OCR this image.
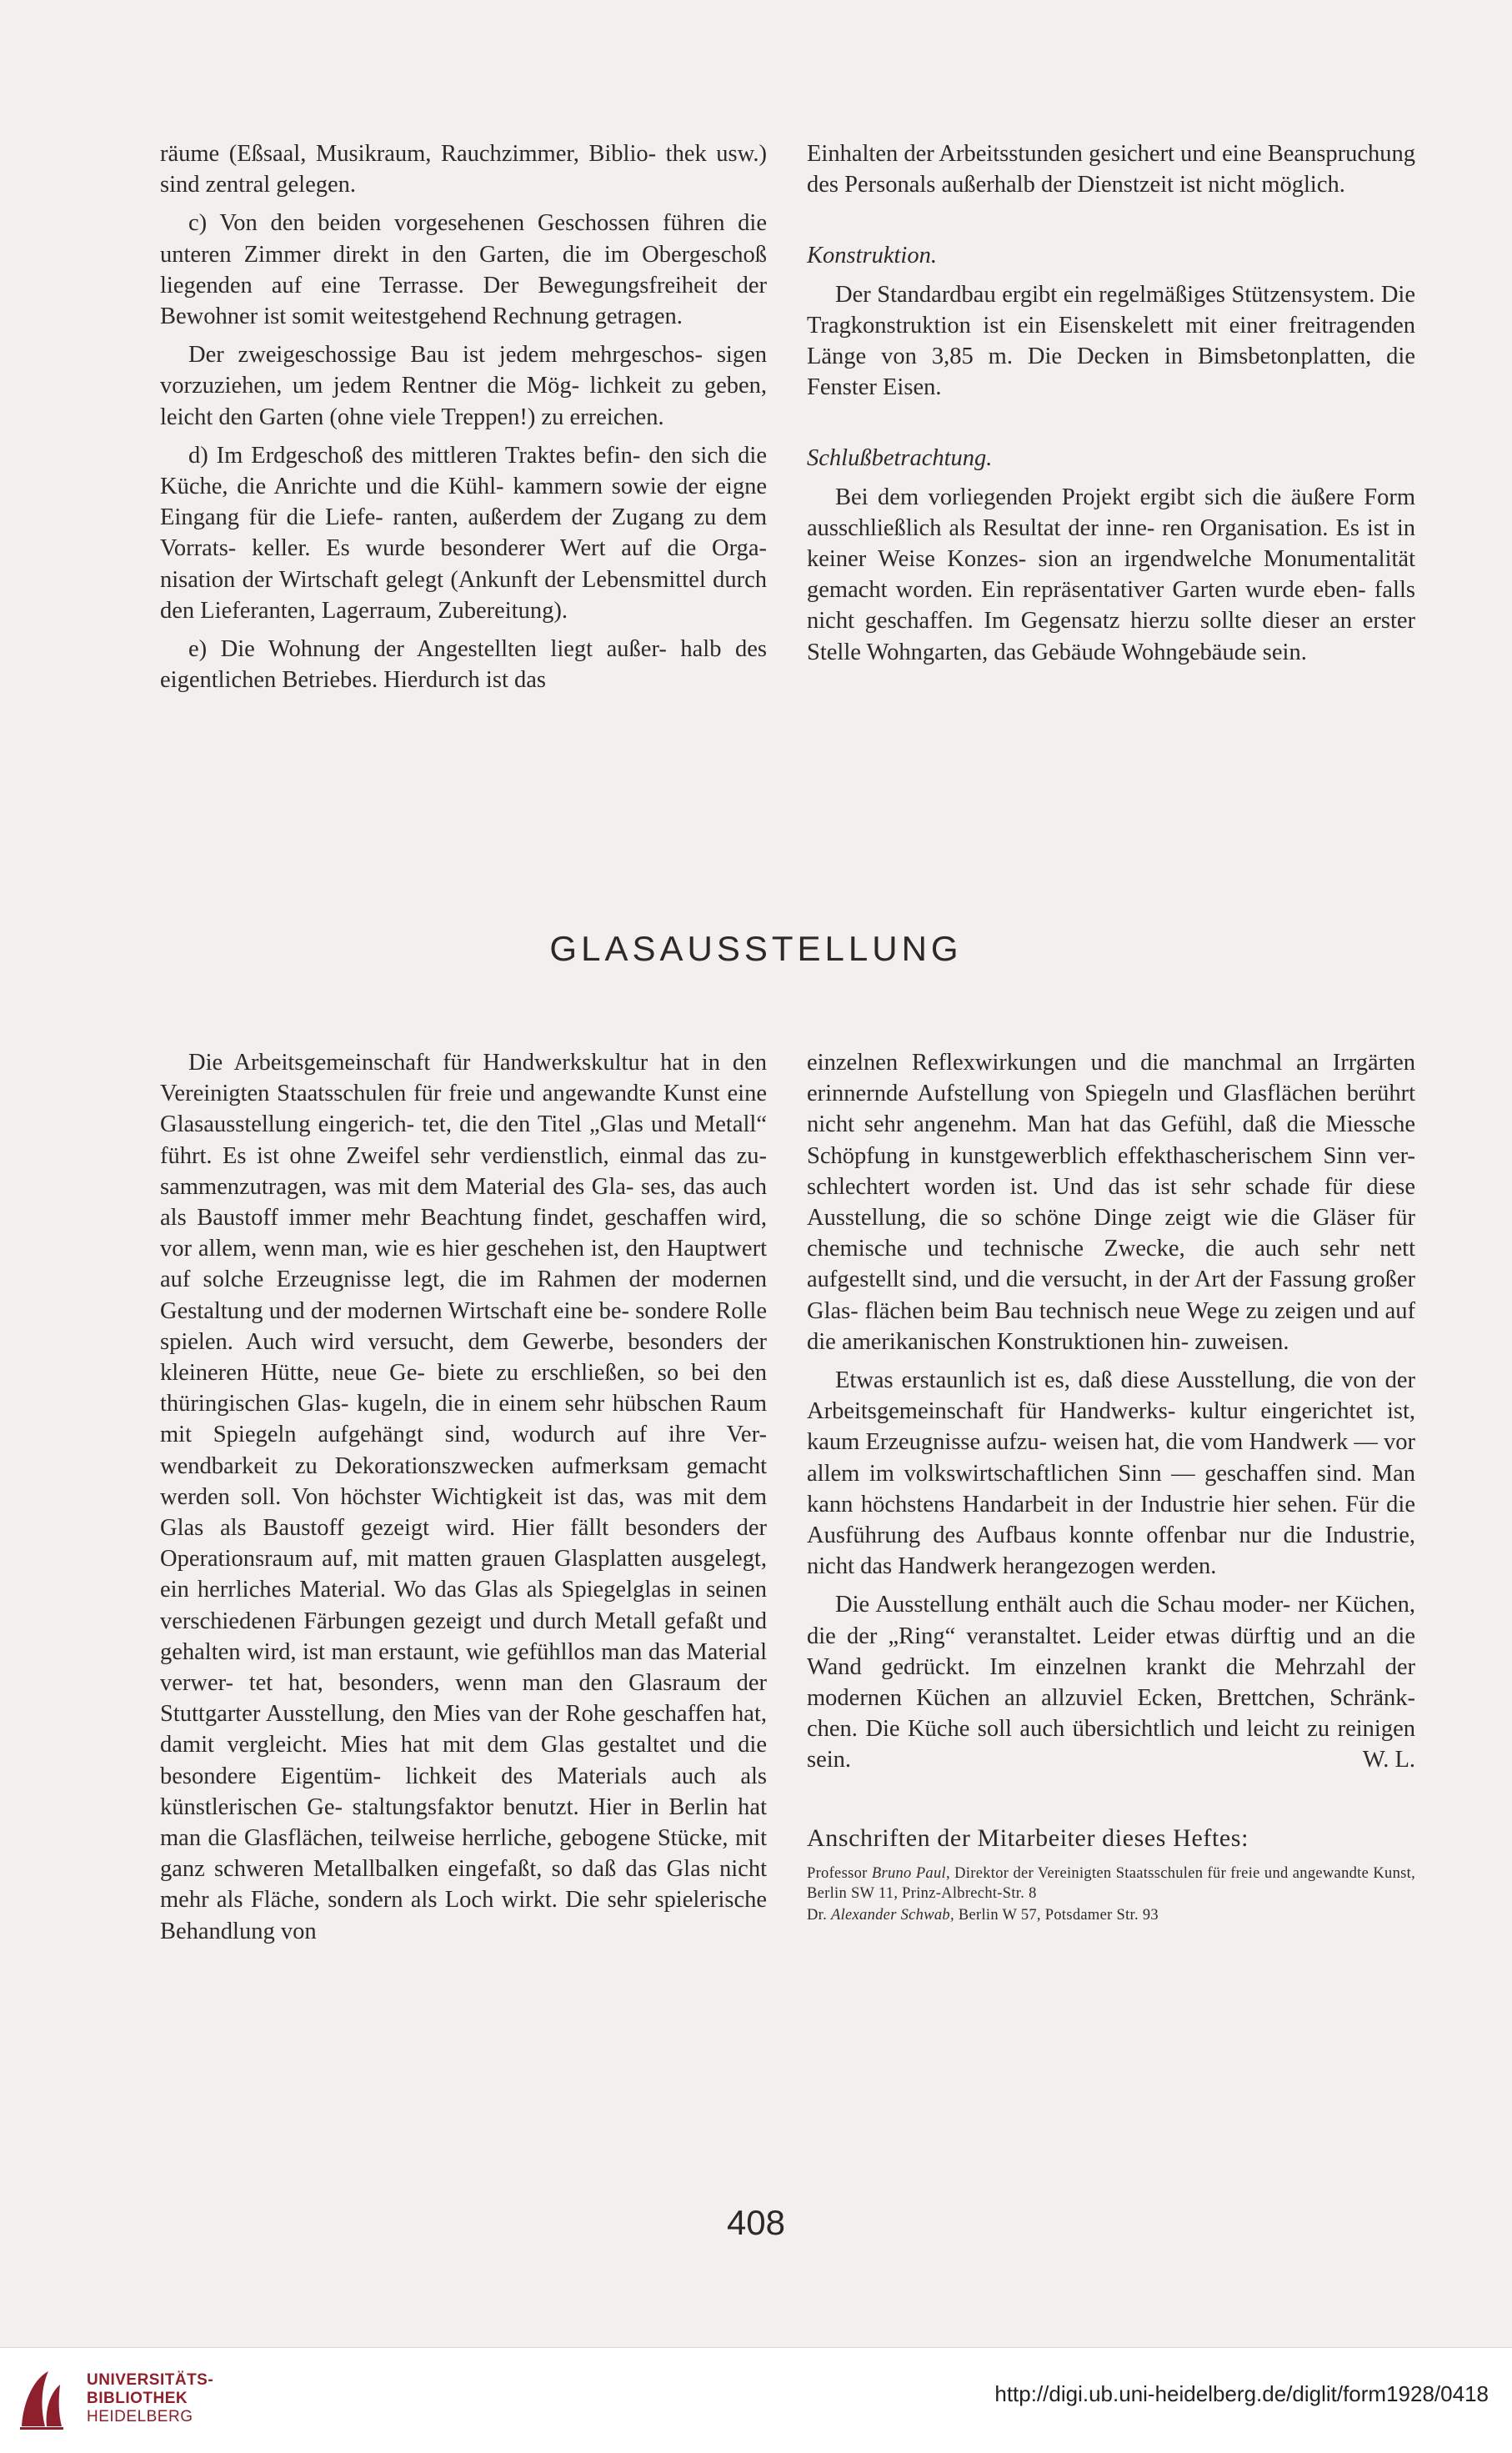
räume (Eßsaal, Musikraum, Rauchzimmer, Biblio- thek usw.) sind zentral gelegen.

c) Von den beiden vorgesehenen Geschossen führen die unteren Zimmer direkt in den Garten, die im Obergeschoß liegenden auf eine Terrasse. Der Bewegungsfreiheit der Bewohner ist somit weitestgehend Rechnung getragen.

Der zweigeschossige Bau ist jedem mehrgeschos- sigen vorzuziehen, um jedem Rentner die Mög- lichkeit zu geben, leicht den Garten (ohne viele Treppen!) zu erreichen.

d) Im Erdgeschoß des mittleren Traktes befin- den sich die Küche, die Anrichte und die Kühl- kammern sowie der eigne Eingang für die Liefe- ranten, außerdem der Zugang zu dem Vorrats- keller. Es wurde besonderer Wert auf die Orga- nisation der Wirtschaft gelegt (Ankunft der Lebensmittel durch den Lieferanten, Lagerraum, Zubereitung).

e) Die Wohnung der Angestellten liegt außer- halb des eigentlichen Betriebes. Hierdurch ist das

Einhalten der Arbeitsstunden gesichert und eine Beanspruchung des Personals außerhalb der Dienstzeit ist nicht möglich.

Konstruktion.

Der Standardbau ergibt ein regelmäßiges Stützensystem. Die Tragkonstruktion ist ein Eisenskelett mit einer freitragenden Länge von 3,85 m. Die Decken in Bimsbetonplatten, die Fenster Eisen.

Schlußbetrachtung.

Bei dem vorliegenden Projekt ergibt sich die äußere Form ausschließlich als Resultat der inne- ren Organisation. Es ist in keiner Weise Konzes- sion an irgendwelche Monumentalität gemacht worden. Ein repräsentativer Garten wurde eben- falls nicht geschaffen. Im Gegensatz hierzu sollte dieser an erster Stelle Wohngarten, das Gebäude Wohngebäude sein.

GLASAUSSTELLUNG

Die Arbeitsgemeinschaft für Handwerkskultur hat in den Vereinigten Staatsschulen für freie und angewandte Kunst eine Glasausstellung eingerich- tet, die den Titel „Glas und Metall“ führt. Es ist ohne Zweifel sehr verdienstlich, einmal das zu- sammenzutragen, was mit dem Material des Gla- ses, das auch als Baustoff immer mehr Beachtung findet, geschaffen wird, vor allem, wenn man, wie es hier geschehen ist, den Hauptwert auf solche Erzeugnisse legt, die im Rahmen der modernen Gestaltung und der modernen Wirtschaft eine be- sondere Rolle spielen. Auch wird versucht, dem Gewerbe, besonders der kleineren Hütte, neue Ge- biete zu erschließen, so bei den thüringischen Glas- kugeln, die in einem sehr hübschen Raum mit Spiegeln aufgehängt sind, wodurch auf ihre Ver- wendbarkeit zu Dekorationszwecken aufmerksam gemacht werden soll. Von höchster Wichtigkeit ist das, was mit dem Glas als Baustoff gezeigt wird. Hier fällt besonders der Operationsraum auf, mit matten grauen Glasplatten ausgelegt, ein herrliches Material. Wo das Glas als Spiegelglas in seinen verschiedenen Färbungen gezeigt und durch Metall gefaßt und gehalten wird, ist man erstaunt, wie gefühllos man das Material verwer- tet hat, besonders, wenn man den Glasraum der Stuttgarter Ausstellung, den Mies van der Rohe geschaffen hat, damit vergleicht. Mies hat mit dem Glas gestaltet und die besondere Eigentüm- lichkeit des Materials auch als künstlerischen Ge- staltungsfaktor benutzt. Hier in Berlin hat man die Glasflächen, teilweise herrliche, gebogene Stücke, mit ganz schweren Metallbalken eingefaßt, so daß das Glas nicht mehr als Fläche, sondern als Loch wirkt. Die sehr spielerische Behandlung von

einzelnen Reflexwirkungen und die manchmal an Irrgärten erinnernde Aufstellung von Spiegeln und Glasflächen berührt nicht sehr angenehm. Man hat das Gefühl, daß die Miessche Schöpfung in kunstgewerblich effekthascherischem Sinn ver- schlechtert worden ist. Und das ist sehr schade für diese Ausstellung, die so schöne Dinge zeigt wie die Gläser für chemische und technische Zwecke, die auch sehr nett aufgestellt sind, und die versucht, in der Art der Fassung großer Glas- flächen beim Bau technisch neue Wege zu zeigen und auf die amerikanischen Konstruktionen hin- zuweisen.

Etwas erstaunlich ist es, daß diese Ausstellung, die von der Arbeitsgemeinschaft für Handwerks- kultur eingerichtet ist, kaum Erzeugnisse aufzu- weisen hat, die vom Handwerk — vor allem im volkswirtschaftlichen Sinn — geschaffen sind. Man kann höchstens Handarbeit in der Industrie hier sehen. Für die Ausführung des Aufbaus konnte offenbar nur die Industrie, nicht das Handwerk herangezogen werden.

Die Ausstellung enthält auch die Schau moder- ner Küchen, die der „Ring“ veranstaltet. Leider etwas dürftig und an die Wand gedrückt. Im einzelnen krankt die Mehrzahl der modernen Küchen an allzuviel Ecken, Brettchen, Schränk- chen. Die Küche soll auch übersichtlich und leicht zu reinigen sein.	W. L.

Anschriften der Mitarbeiter dieses Heftes:

Professor Bruno Paul, Direktor der Vereinigten Staatsschulen für freie und angewandte Kunst, Berlin SW 11, Prinz-Albrecht-Str. 8

Dr. Alexander Schwab, Berlin W 57, Potsdamer Str. 93

408
UNIVERSITÄTS-
BIBLIOTHEK
HEIDELBERG
http://digi.ub.uni-heidelberg.de/diglit/form1928/0418
